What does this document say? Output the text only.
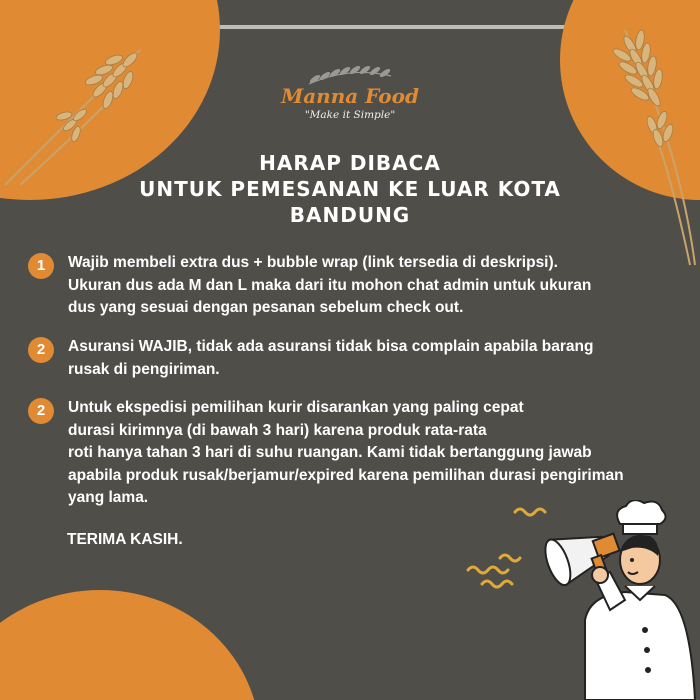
Manna Food
"Make it Simple"
HARAP DIBACA
UNTUK PEMESANAN KE LUAR KOTA
BANDUNG
1	Wajib membeli extra dus + bubble wrap (link tersedia di deskripsi).
Ukuran dus ada M dan L maka dari itu mohon chat admin untuk ukuran
dus yang sesuai dengan pesanan sebelum check out.
2	Asuransi WAJIB, tidak ada asuransi tidak bisa complain apabila barang
rusak di pengiriman.
2	Untuk ekspedisi pemilihan kurir disarankan yang paling cepat
durasi kirimnya (di bawah 3 hari) karena produk rata-rata
roti hanya tahan 3 hari di suhu ruangan. Kami tidak bertanggung jawab
apabila produk rusak/berjamur/expired karena pemilihan durasi pengiriman
yang lama.
TERIMA KASIH.
